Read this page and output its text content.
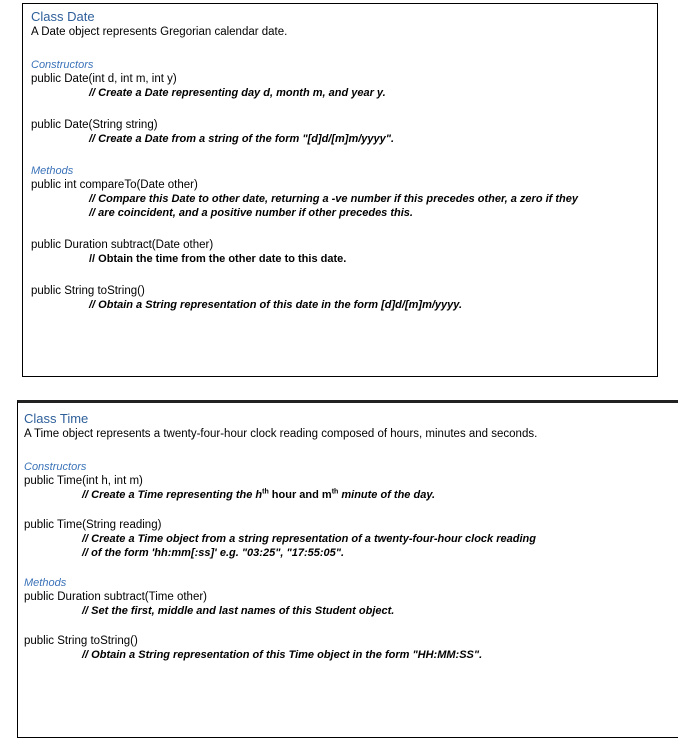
Class Date

A Date object represents Gregorian calendar date.

Constructors

public Date(int d, int m, int y)

// Create a Date representing day d, month m, and year y.

public Date(String string)

// Create a Date from a string of the form "[d]d/[m]m/yyyy".

Methods

public int compareTo(Date other)

// Compare this Date to other date, returning a -ve number if this precedes other, a zero if they

// are coincident, and a positive number if other precedes this.

public Duration subtract(Date other)

// Obtain the time from the other date to this date.

public String toString()

// Obtain a String representation of this date in the form [d]d/[m]m/yyyy.

Class Time

A Time object represents a twenty-four-hour clock reading composed of hours, minutes and seconds.

Constructors

public Time(int h, int m)

// Create a Time representing the $h^{th}$ hour and $m^{th}$ minute of the day.

public Time(String reading)

// Create a Time object from a string representation of a twenty-four-hour clock reading

// of the form 'hh:mm[:ss]' e.g. "03:25", "17:55:05".

Methods

public Duration subtract(Time other)

// Set the first, middle and last names of this Student object.

public String toString()

// Obtain a String representation of this Time object in the form "HH:MM:SS".
